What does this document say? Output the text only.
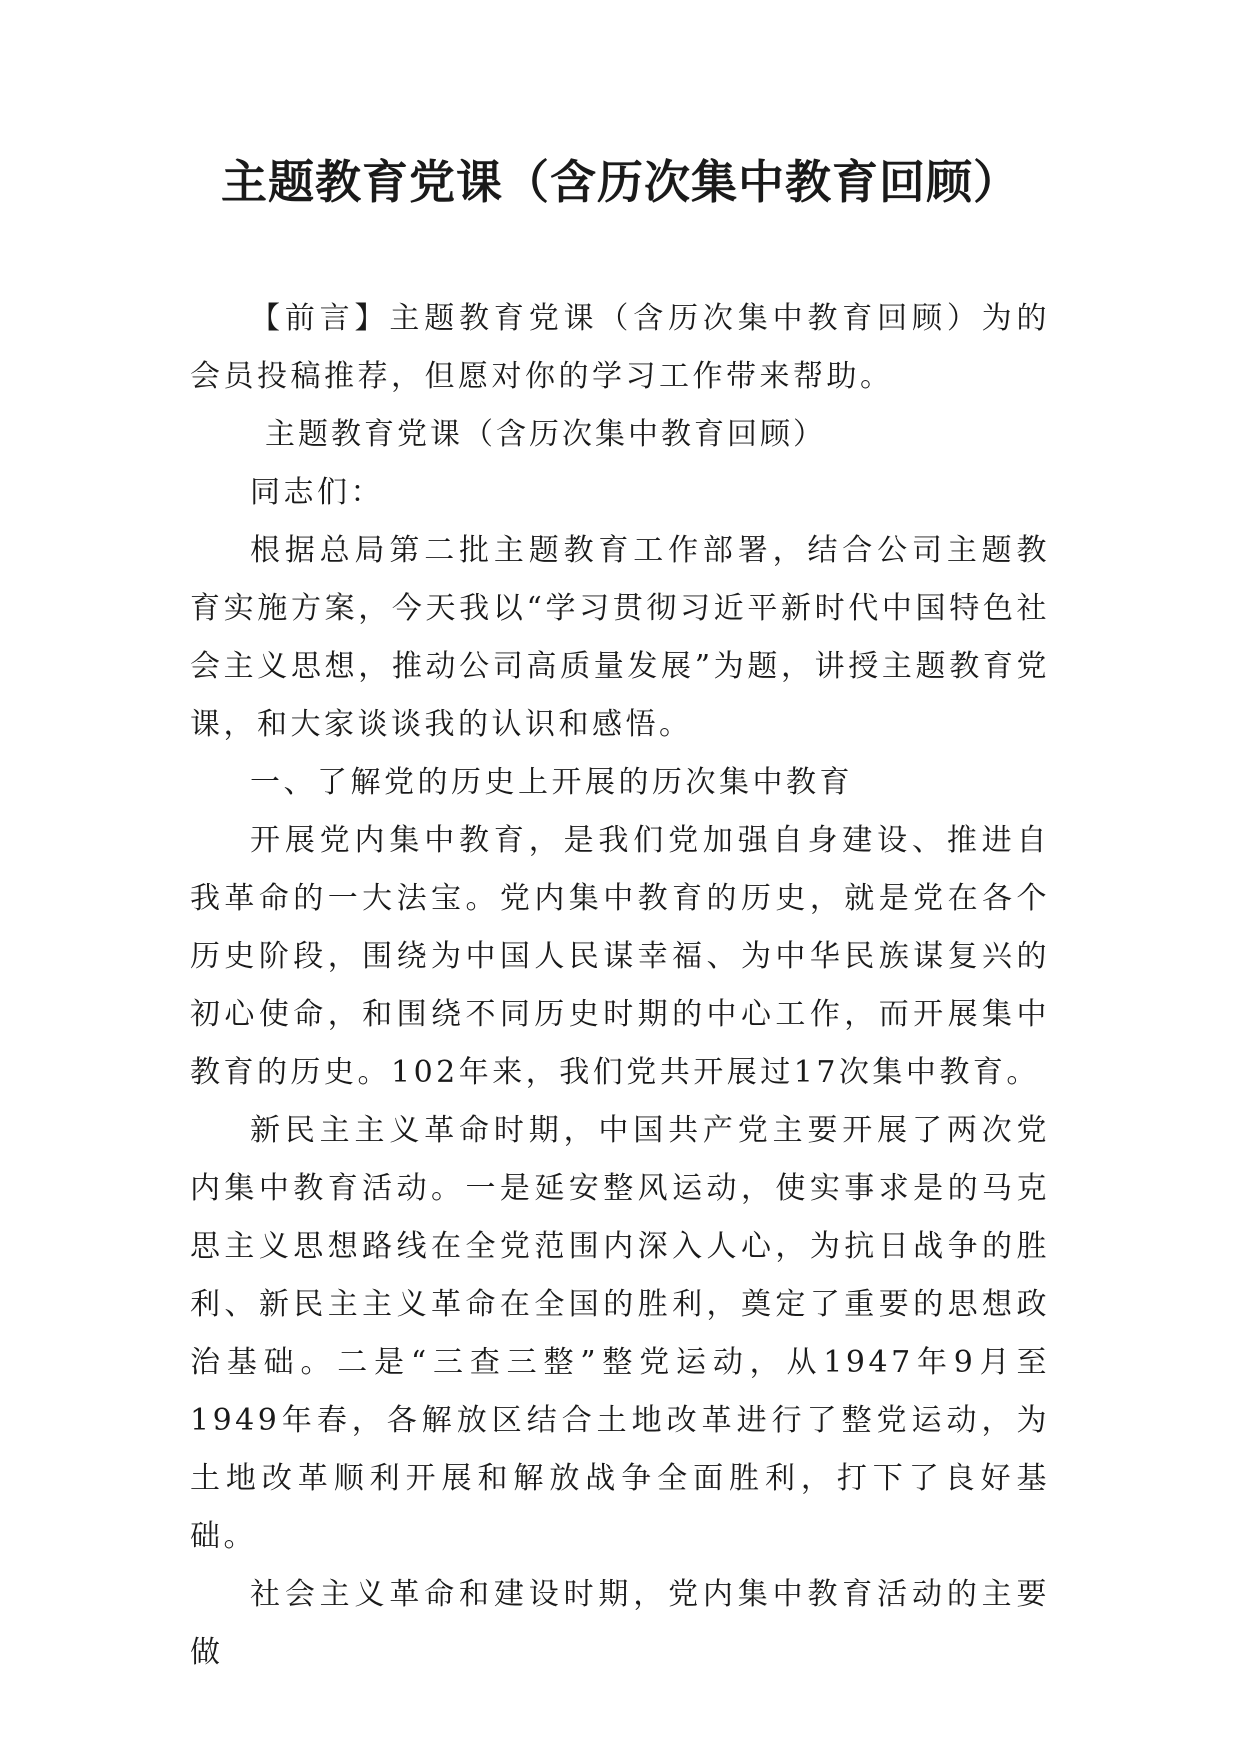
主题教育党课（含历次集中教育回顾）

【前言】主题教育党课（含历次集中教育回顾）为的会员投稿推荐，但愿对你的学习工作带来帮助。

主题教育党课（含历次集中教育回顾）

同志们：

根据总局第二批主题教育工作部署，结合公司主题教育实施方案，今天我以“学习贯彻习近平新时代中国特色社会主义思想，推动公司高质量发展”为题，讲授主题教育党课，和大家谈谈我的认识和感悟。

一、了解党的历史上开展的历次集中教育

开展党内集中教育，是我们党加强自身建设、推进自我革命的一大法宝。党内集中教育的历史，就是党在各个历史阶段，围绕为中国人民谋幸福、为中华民族谋复兴的初心使命，和围绕不同历史时期的中心工作，而开展集中教育的历史。102年来，我们党共开展过17次集中教育。

新民主主义革命时期，中国共产党主要开展了两次党内集中教育活动。一是延安整风运动，使实事求是的马克思主义思想路线在全党范围内深入人心，为抗日战争的胜利、新民主主义革命在全国的胜利，奠定了重要的思想政治基础。二是“三查三整”整党运动，从1947年9月至1949年春，各解放区结合土地改革进行了整党运动，为土地改革顺利开展和解放战争全面胜利，打下了良好基础。

社会主义革命和建设时期，党内集中教育活动的主要做
